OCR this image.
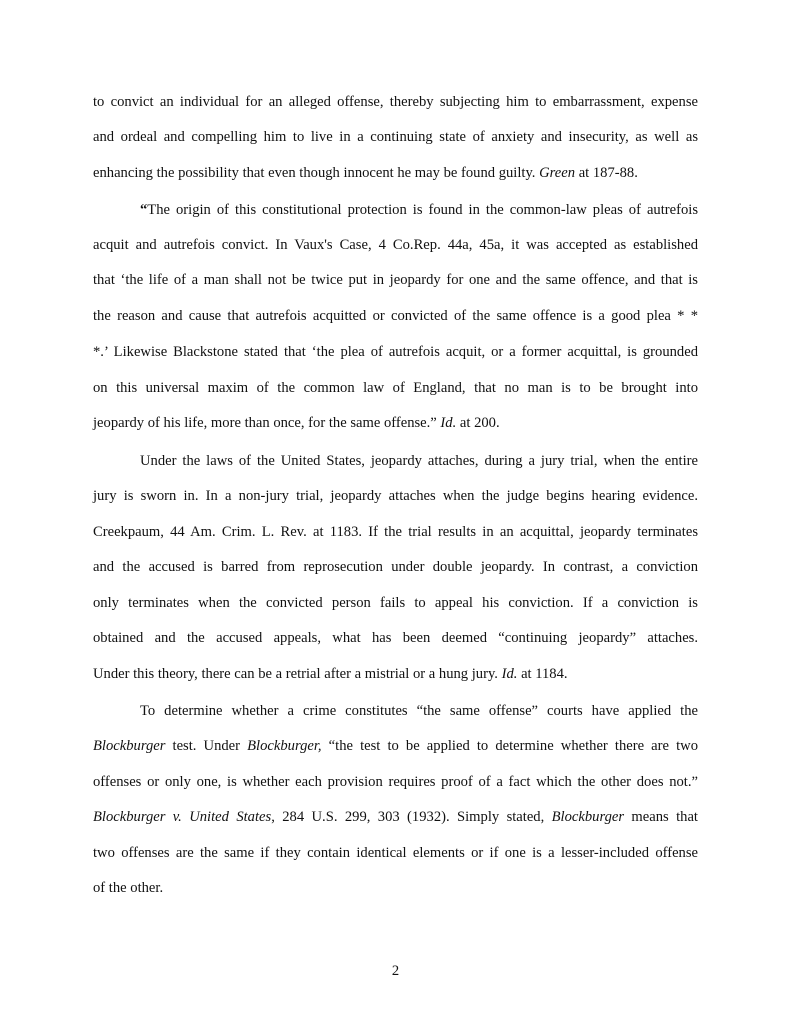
to convict an individual for an alleged offense, thereby subjecting him to embarrassment, expense
and ordeal and compelling him to live in a continuing state of anxiety and insecurity, as well as
enhancing the possibility that even though innocent he may be found guilty. Green at 187-88.
“The origin of this constitutional protection is found in the common-law pleas of autrefois
acquit and autrefois convict. In Vaux's Case, 4 Co.Rep. 44a, 45a, it was accepted as established
that ‘the life of a man shall not be twice put in jeopardy for one and the same offence, and that is
the reason and cause that autrefois acquitted or convicted of the same offence is a good plea * *
*.’ Likewise Blackstone stated that ‘the plea of autrefois acquit, or a former acquittal, is grounded
on this universal maxim of the common law of England, that no man is to be brought into
jeopardy of his life, more than once, for the same offense.” Id. at 200.
Under the laws of the United States, jeopardy attaches, during a jury trial, when the entire
jury is sworn in. In a non-jury trial, jeopardy attaches when the judge begins hearing evidence.
Creekpaum, 44 Am. Crim. L. Rev. at 1183. If the trial results in an acquittal, jeopardy terminates
and the accused is barred from reprosecution under double jeopardy. In contrast, a conviction
only terminates when the convicted person fails to appeal his conviction. If a conviction is
obtained and the accused appeals, what has been deemed “continuing jeopardy” attaches.
Under this theory, there can be a retrial after a mistrial or a hung jury. Id. at 1184.
To determine whether a crime constitutes “the same offense” courts have applied the
Blockburger test. Under Blockburger, “the test to be applied to determine whether there are two
offenses or only one, is whether each provision requires proof of a fact which the other does not.”
Blockburger v. United States, 284 U.S. 299, 303 (1932). Simply stated, Blockburger means that
two offenses are the same if they contain identical elements or if one is a lesser-included offense
of the other.
2
